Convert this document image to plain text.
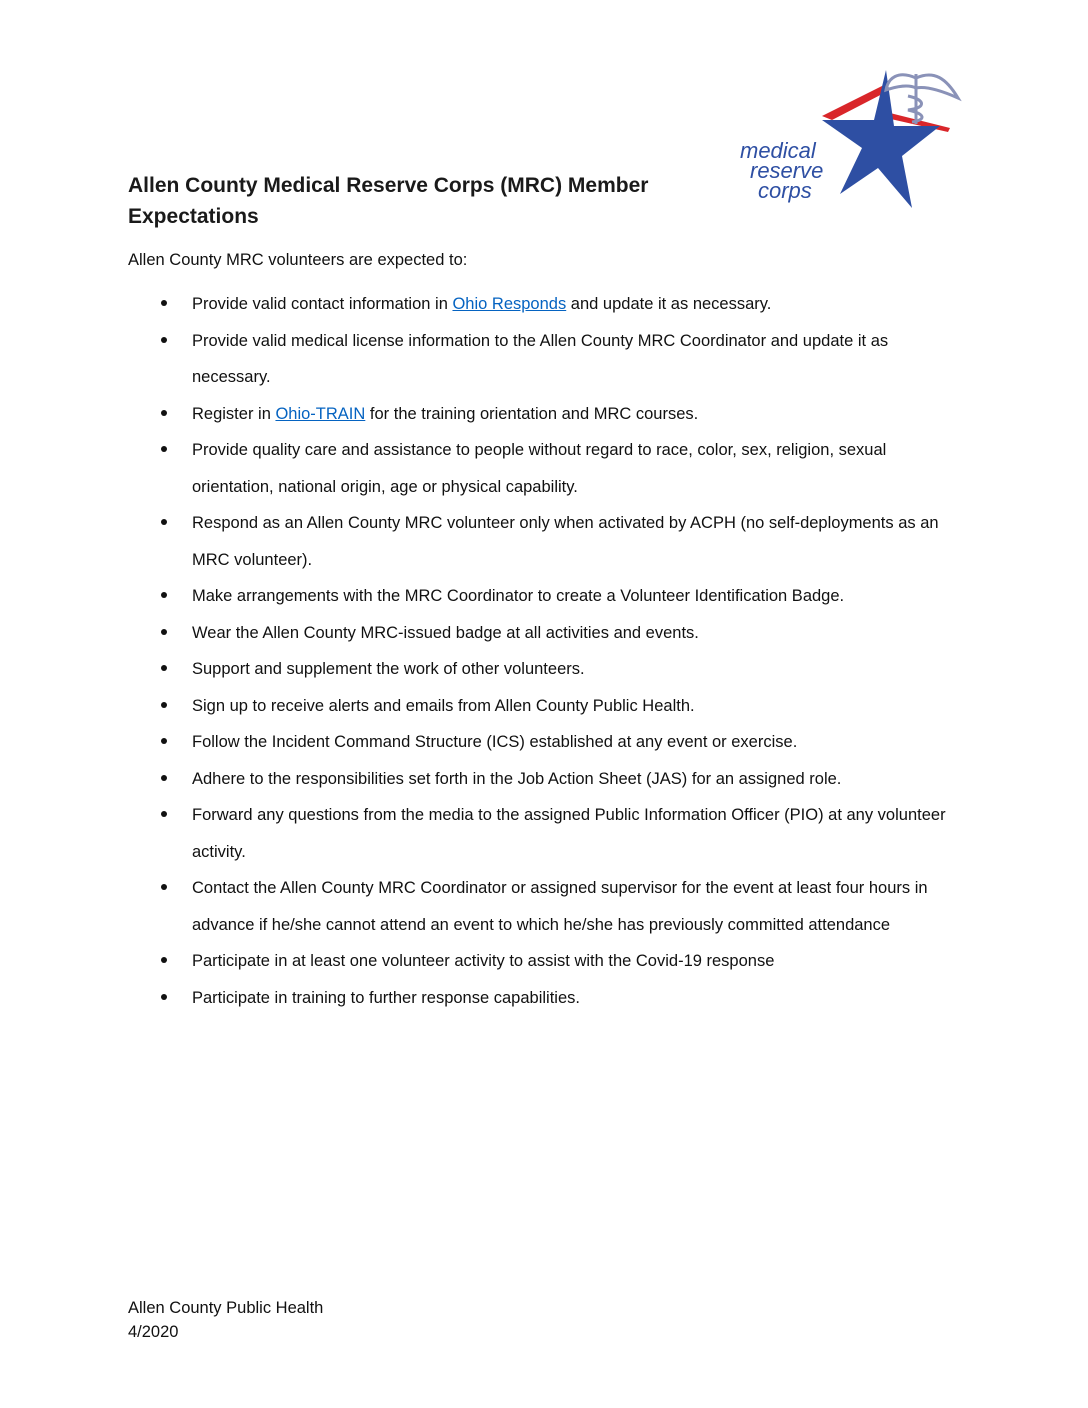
medical
reserve
corps
Allen County Medical Reserve Corps (MRC) Member Expectations

Allen County MRC volunteers are expected to:

Provide valid contact information in Ohio Responds and update it as necessary.
Provide valid medical license information to the Allen County MRC Coordinator and update it as necessary.
Register in Ohio-TRAIN for the training orientation and MRC courses.
Provide quality care and assistance to people without regard to race, color, sex, religion, sexual orientation, national origin, age or physical capability.
Respond as an Allen County MRC volunteer only when activated by ACPH (no self-deployments as an MRC volunteer).
Make arrangements with the MRC Coordinator to create a Volunteer Identification Badge.
Wear the Allen County MRC-issued badge at all activities and events.
Support and supplement the work of other volunteers.
Sign up to receive alerts and emails from Allen County Public Health.
Follow the Incident Command Structure (ICS) established at any event or exercise.
Adhere to the responsibilities set forth in the Job Action Sheet (JAS) for an assigned role.
Forward any questions from the media to the assigned Public Information Officer (PIO) at any volunteer activity.
Contact the Allen County MRC Coordinator or assigned supervisor for the event at least four hours in advance if he/she cannot attend an event to which he/she has previously committed attendance
Participate in at least one volunteer activity to assist with the Covid-19 response
Participate in training to further response capabilities.
Allen County Public Health
4/2020
